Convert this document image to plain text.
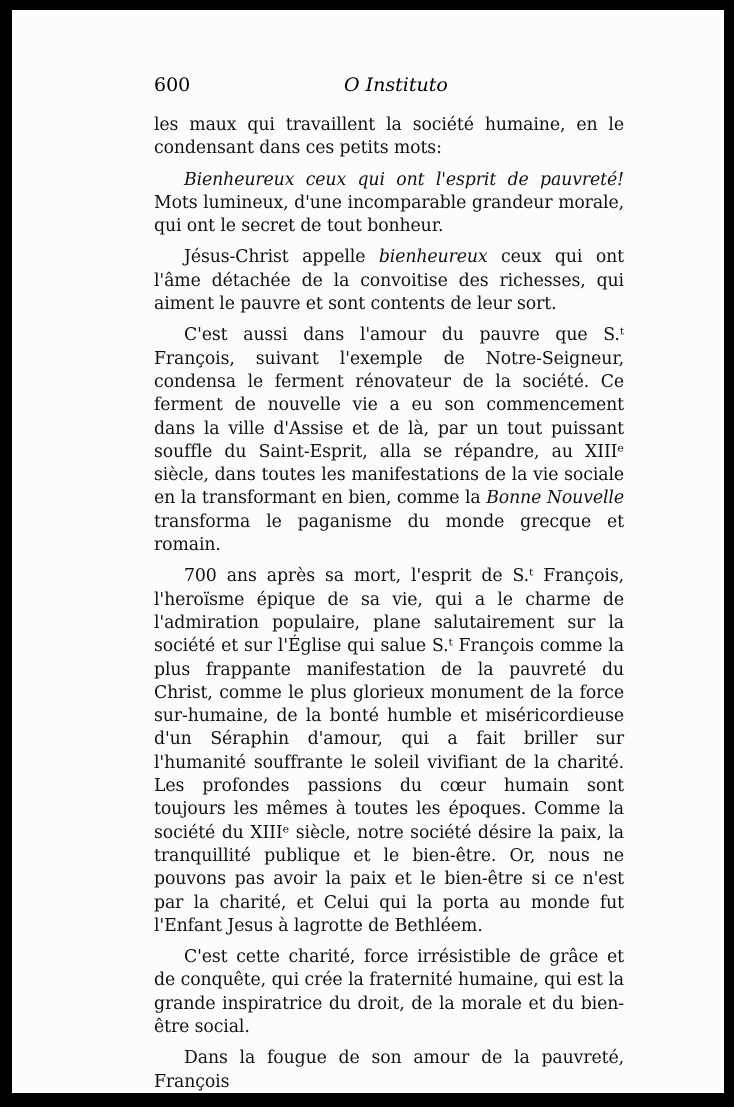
600	O Instituto

les maux qui travaillent la société humaine, en le condensant dans ces petits mots:

Bienheureux ceux qui ont l'esprit de pauvreté! Mots lumineux, d'une incomparable grandeur morale, qui ont le secret de tout bonheur.

Jésus-Christ appelle bienheureux ceux qui ont l'âme détachée de la convoitise des richesses, qui aiment le pauvre et sont contents de leur sort.

C'est aussi dans l'amour du pauvre que S.ᵗ François, suivant l'exemple de Notre-Seigneur, condensa le ferment rénovateur de la société. Ce ferment de nouvelle vie a eu son commencement dans la ville d'Assise et de là, par un tout puissant souffle du Saint-Esprit, alla se répandre, au XIIIᵉ siècle, dans toutes les manifestations de la vie sociale en la transformant en bien, comme la Bonne Nouvelle transforma le paganisme du monde grecque et romain.

700 ans après sa mort, l'esprit de S.ᵗ François, l'heroïsme épique de sa vie, qui a le charme de l'admiration populaire, plane salutairement sur la société et sur l'Église qui salue S.ᵗ François comme la plus frappante manifestation de la pauvreté du Christ, comme le plus glorieux monument de la force sur-humaine, de la bonté humble et miséricordieuse d'un Séraphin d'amour, qui a fait briller sur l'humanité souffrante le soleil vivifiant de la charité. Les profondes passions du cœur humain sont toujours les mêmes à toutes les époques. Comme la société du XIIIᵉ siècle, notre société désire la paix, la tranquillité publique et le bien-être. Or, nous ne pouvons pas avoir la paix et le bien-être si ce n'est par la charité, et Celui qui la porta au monde fut l'Enfant Jesus à lagrotte de Bethléem.

C'est cette charité, force irrésistible de grâce et de conquête, qui crée la fraternité humaine, qui est la grande inspiratrice du droit, de la morale et du bien-être social.

Dans la fougue de son amour de la pauvreté, François
